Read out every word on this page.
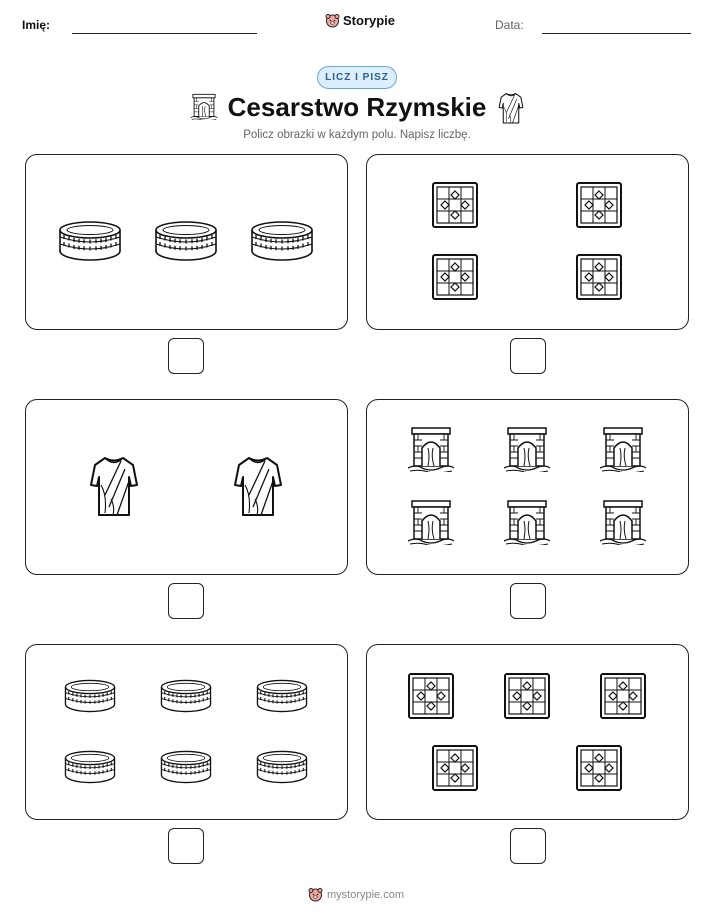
Imię:	Storypie	Data:
LICZ I PISZ
Cesarstwo Rzymskie
Policz obrazki w każdym polu. Napisz liczbę.
mystorypie.com
